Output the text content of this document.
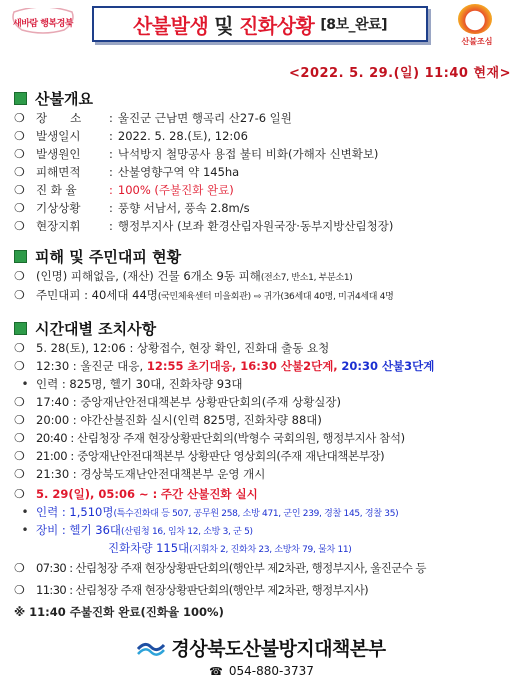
새바람 행복경북	산불발생 및 진화상황 [8보_완료]
산불조심
<2022. 5. 29.(일) 11:40 현재>
산불개요
❍ 장　　소	: 울진군 근남면 행곡리 산27-6 일원
❍ 발생일시	: 2022. 5. 28.(토), 12:06
❍ 발생원인	: 낙석방지 철망공사 용접 불티 비화(가해자 신변확보)
❍ 피해면적	: 산불영향구역 약 145ha
❍ 진 화 율	: 100% (주불진화 완료)
❍ 기상상황	: 풍향 서남서, 풍속 2.8m/s
❍ 현장지휘	: 행정부지사 (보좌 환경산림자원국장·동부지방산림청장)
피해 및 주민대피 현황
❍ (인명) 피해없음, (재산) 건물 6개소 9동 피해 (전소7, 반소1, 부분소1)
❍ 주민대피 : 40세대 44명 (국민체육센터 미을회관) ⇨ 귀가(36세대 40명, 미귀4세대 4명
시간대별 조치사항
❍ 5. 28(토), 12:06 : 상황접수, 현장 확인, 진화대 출동 요청
❍ 12:30 : 울진군 대응,
12:55 초기대응, 16:30 산불2단계,
20:30 산불3단계
• 인력 : 825명, 헬기 30대, 진화차량 93대
❍ 17:40 : 중앙재난안전대책본부 상황판단회의(주재 상황실장)
❍ 20:00 : 야간산불진화 실시(인력 825명, 진화차량 88대)
❍ 20:40 : 산림청장 주재 현장상황판단회의(박형수 국회의원, 행정부지사 참석)
❍ 21:00 : 중앙재난안전대책본부 상황판단 영상회의(주재 재난대책본부장)
❍ 21:30 : 경상북도재난안전대책본부 운영 개시
❍ 5. 29(일), 05:06 ~ :
주간 산불진화 실시
• 인력 : 1,510명 (특수진화대 등 507, 공무원 258, 소방 471, 군인 239, 경찰 145, 경찰 35)
• 장비 : 헬기 36대 (산림청 16, 임차 12, 소방 3, 군 5)
진화차량 115대 (지휘차 2, 진화차 23, 소방차 79, 물차 11)
❍ 07:30 : 산림청장 주재 현장상황판단회의(행안부 제2차관, 행정부지사, 울진군수 등
❍ 11:30 : 산림청장 주재 현장상황판단회의(행안부 제2차관, 행정부지사)
※ 11:40 주불진화 완료(진화율 100%)
경상북도산불방지대책본부
☎ 054-880-3737
